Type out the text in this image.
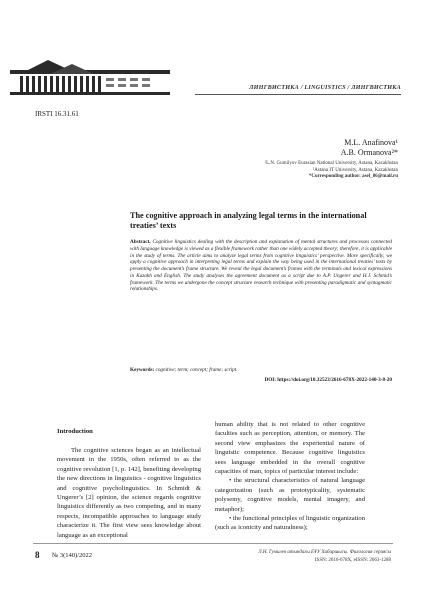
ЛИНГВИСТИКА / LINGUISTICS / ЛИНГВИСТИКА
IRSTI 16.31.61
M.L. Anafinova¹
A.B. Ormanova²*
¹L.N. Gumilyov Eurasian National University, Astana, Kazakhstan
²Astana IT University, Astana, Kazakhstan
*Corresponding author: asel_86@mail.ru
The cognitive approach in analyzing legal terms in the international treaties’ texts
Abstract. Cognitive linguistics dealing with the description and explanation of mental structures and processes connected with language knowledge is viewed as a flexible framework rather than one widely accepted theory; therefore, it is applicable in the study of terms. The article aims to analyze legal terms from cognitive linguistics’ perspective. More specifically, we apply a cognitive approach in interpreting legal terms and explain the way being used in the international treaties’ texts by presenting the document’s frame structure. We reveal the legal document’s frames with the terminals and lexical expressions in Kazakh and English. The study analyses the agreement document as a script due to A.P. Ungerer and H.J. Schmid’s framework. The terms we undergone the concept structure research technique with presenting paradigmatic and syntagmatic relationships.
Keywords: cognitive; term; concept; frame; script.
DOI: https://doi.org/10.32523/2616-678X-2022-140-3-8-20
Introduction

The cognitive sciences began as an intellectual movement in the 1950s, often referred to as the cognitive revolution [1, p. 142], benefiting developing the new directions in linguistics - cognitive linguistics and cognitive psycholinguistics. In Schmidt & Ungerer’s [2] opinion, the science regards cognitive linguistics differently as two competing, and in many respects, incompatible approaches to language study characterize it. The first view sees knowledge about language as an exceptional

human ability that is not related to other cognitive faculties such as perception, attention, or memory. The second view emphasizes the experiential nature of linguistic competence. Because cognitive linguistics sees language embedded in the overall cognitive capacities of man, topics of particular interest include:

• the structural characteristics of natural language categorization (such as prototypicality, systematic polysemy, cognitive models, mental imagery, and metaphor);

• the functional principles of linguistic organization (such as iconicity and naturalness);

8 № 3(140)/2022	Л.Н. Гумилев атындағы ЕҰУ Хабаршысы. Филология сериясы
ISSN: 2616-678X, eISSN: 2663-1288
